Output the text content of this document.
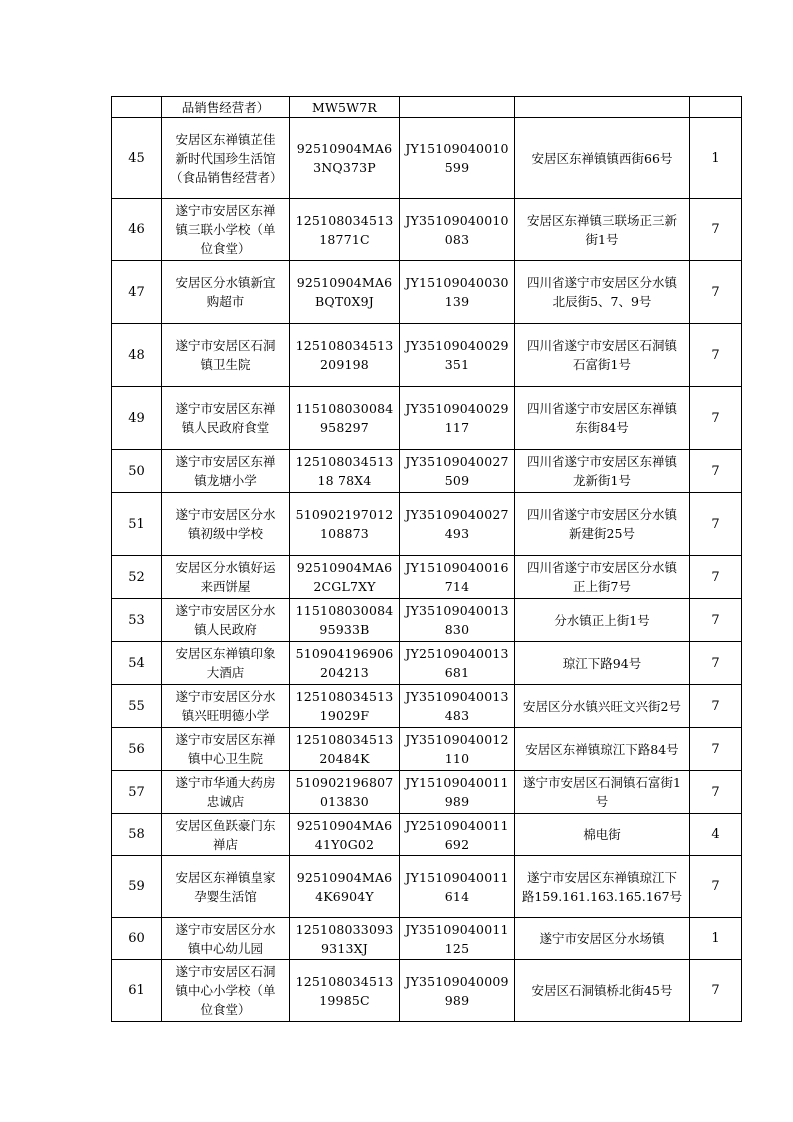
	品销售经营者）	MW5W7R			
45	安居区东禅镇芷佳新时代国珍生活馆（食品销售经营者）	92510904MA63NQ373P	JY15109040010599	安居区东禅镇镇西街66号	1
46	遂宁市安居区东禅镇三联小学校（单位食堂）	12510803451318771C	JY35109040010083	安居区东禅镇三联场正三新街1号	7
47	安居区分水镇新宜购超市	92510904MA6BQT0X9J	JY15109040030139	四川省遂宁市安居区分水镇北辰街5、7、9号	7
48	遂宁市安居区石洞镇卫生院	125108034513209198	JY35109040029351	四川省遂宁市安居区石洞镇石富街1号	7
49	遂宁市安居区东禅镇人民政府食堂	115108030084958297	JY35109040029117	四川省遂宁市安居区东禅镇东街84号	7
50	遂宁市安居区东禅镇龙塘小学	12510803451318 78X4	JY35109040027509	四川省遂宁市安居区东禅镇龙新街1号	7
51	遂宁市安居区分水镇初级中学校	510902197012108873	JY35109040027493	四川省遂宁市安居区分水镇新建街25号	7
52	安居区分水镇好运来西饼屋	92510904MA62CGL7XY	JY15109040016714	四川省遂宁市安居区分水镇正上街7号	7
53	遂宁市安居区分水镇人民政府	11510803008495933B	JY35109040013830	分水镇正上街1号	7
54	安居区东禅镇印象大酒店	510904196906204213	JY25109040013681	琼江下路94号	7
55	遂宁市安居区分水镇兴旺明德小学	12510803451319029F	JY35109040013483	安居区分水镇兴旺文兴街2号	7
56	遂宁市安居区东禅镇中心卫生院	12510803451320484K	JY35109040012110	安居区东禅镇琼江下路84号	7
57	遂宁市华通大药房忠诚店	510902196807013830	JY15109040011989	遂宁市安居区石洞镇石富街1号	7
58	安居区鱼跃豪门东禅店	92510904MA641Y0G02	JY25109040011692	棉电街	4
59	安居区东禅镇皇家孕婴生活馆	92510904MA64K6904Y	JY15109040011614	遂宁市安居区东禅镇琼江下路159.161.163.165.167号	7
60	遂宁市安居区分水镇中心幼儿园	1251080330939313XJ	JY35109040011125	遂宁市安居区分水场镇	1
61	遂宁市安居区石洞镇中心小学校（单位食堂）	12510803451319985C	JY35109040009989	安居区石洞镇桥北街45号	7
